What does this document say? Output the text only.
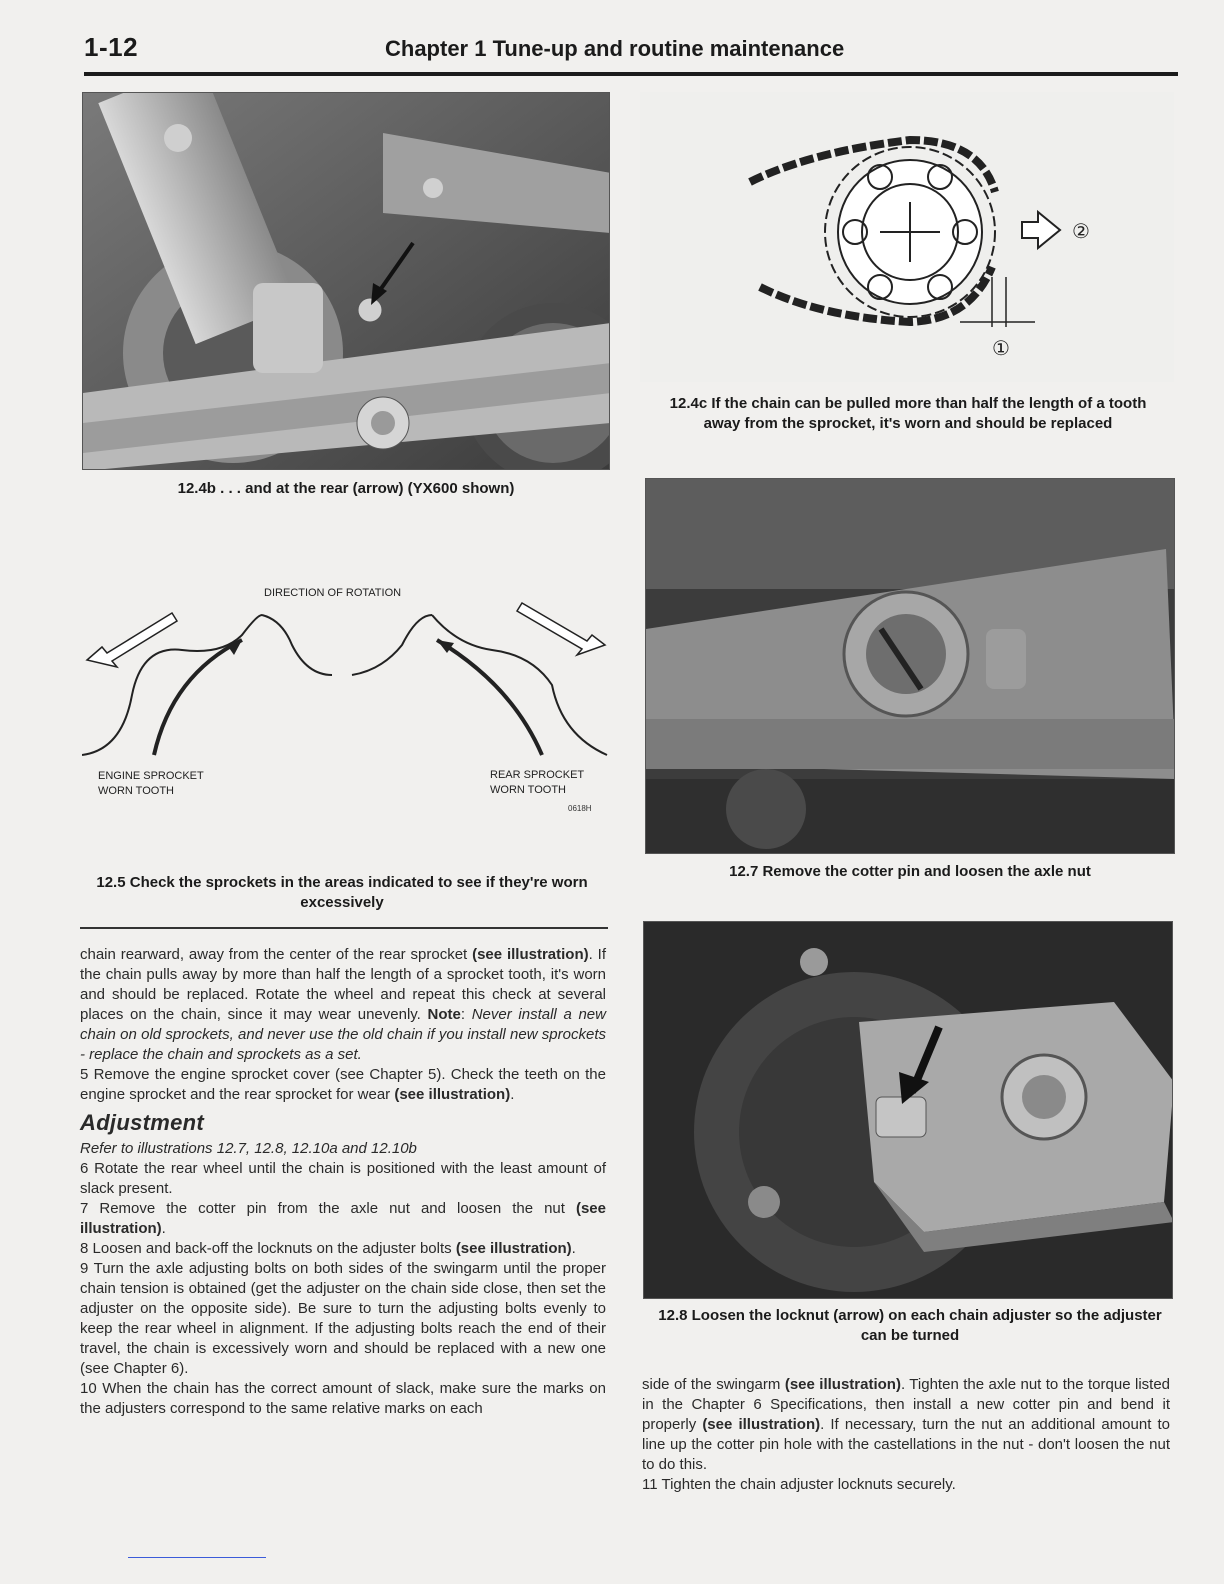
1-12	Chapter 1 Tune-up and routine maintenance
12.4b . . . and at the rear (arrow) (YX600 shown)
②
①
12.4c If the chain can be pulled more than half the length of a tooth away from the sprocket, it's worn and should be replaced
DIRECTION OF ROTATION
ENGINE SPROCKET
WORN TOOTH
REAR SPROCKET
WORN TOOTH
0618H
12.5 Check the sprockets in the areas indicated to see if they're worn excessively
12.7 Remove the cotter pin and loosen the axle nut
12.8 Loosen the locknut (arrow) on each chain adjuster so the adjuster can be turned

chain rearward, away from the center of the rear sprocket (see illustration). If the chain pulls away by more than half the length of a sprocket tooth, it's worn and should be replaced. Rotate the wheel and repeat this check at several places on the chain, since it may wear unevenly. Note: Never install a new chain on old sprockets, and never use the old chain if you install new sprockets - replace the chain and sprockets as a set.

5 Remove the engine sprocket cover (see Chapter 5). Check the teeth on the engine sprocket and the rear sprocket for wear (see illustration).

Adjustment

Refer to illustrations 12.7, 12.8, 12.10a and 12.10b

6 Rotate the rear wheel until the chain is positioned with the least amount of slack present.

7 Remove the cotter pin from the axle nut and loosen the nut (see illustration).

8 Loosen and back-off the locknuts on the adjuster bolts (see illustration).

9 Turn the axle adjusting bolts on both sides of the swingarm until the proper chain tension is obtained (get the adjuster on the chain side close, then set the adjuster on the opposite side). Be sure to turn the adjusting bolts evenly to keep the rear wheel in alignment. If the adjusting bolts reach the end of their travel, the chain is excessively worn and should be replaced with a new one (see Chapter 6).

10 When the chain has the correct amount of slack, make sure the marks on the adjusters correspond to the same relative marks on each

side of the swingarm (see illustration). Tighten the axle nut to the torque listed in the Chapter 6 Specifications, then install a new cotter pin and bend it properly (see illustration). If necessary, turn the nut an additional amount to line up the cotter pin hole with the castellations in the nut - don't loosen the nut to do this.

11 Tighten the chain adjuster locknuts securely.
